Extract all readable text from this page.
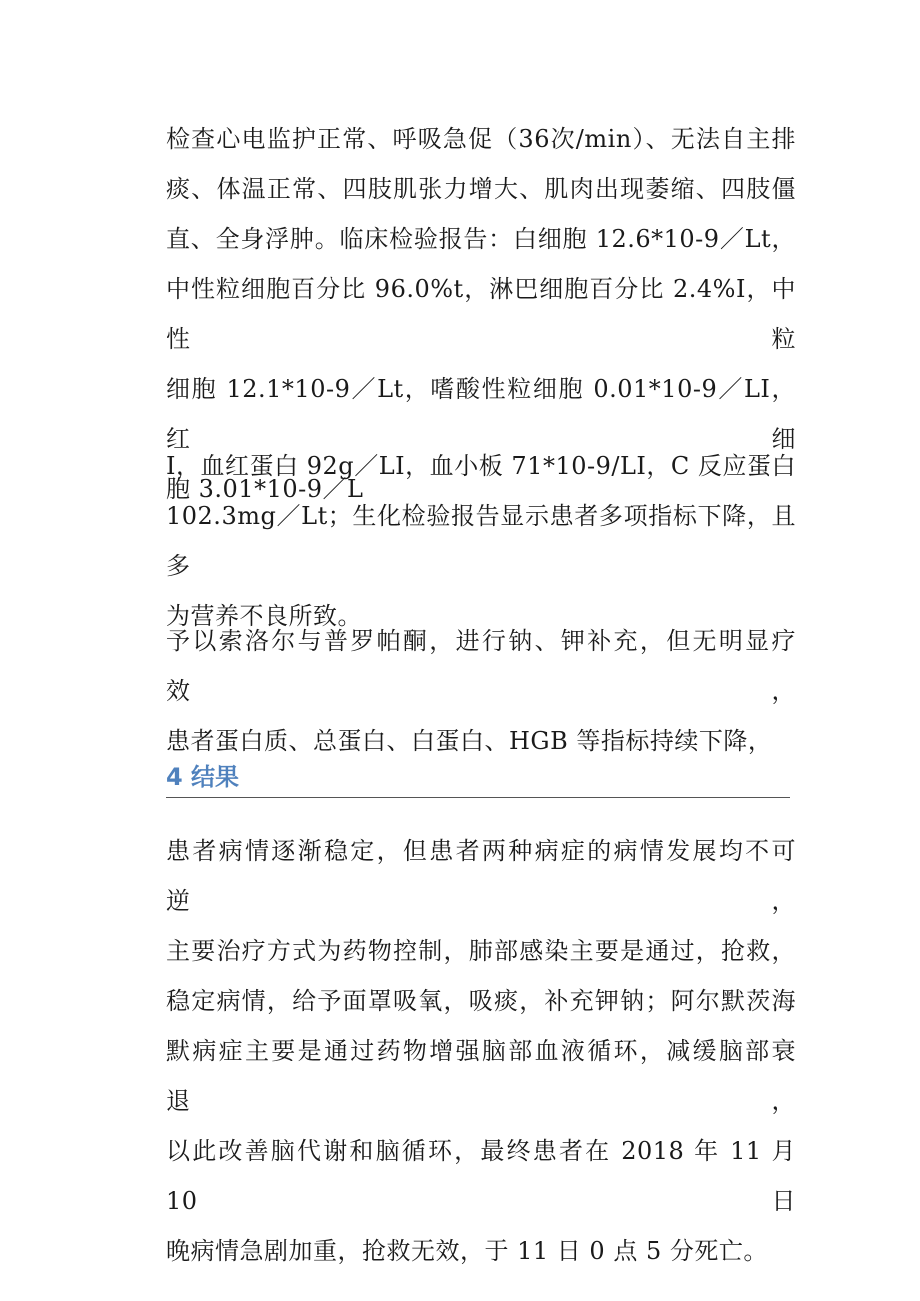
检查心电监护正常、呼吸急促（36次/min）、无法自主排
痰、体温正常、四肢肌张力增大、肌肉出现萎缩、四肢僵
直、全身浮肿。临床检验报告：白细胞 12.6*10-9／Lt，
中性粒细胞百分比 96.0%t，淋巴细胞百分比 2.4%I，中性粒
细胞 12.1*10-9／Lt，嗜酸性粒细胞 0.01*10-9／LI，红细
胞 3.01*10-9／L

I，血红蛋白 92g／LI，血小板 71*10-9/LI，C 反应蛋白
102.3mg／Lt；生化检验报告显示患者多项指标下降，且多
为营养不良所致。

予以索洛尔与普罗帕酮，进行钠、钾补充，但无明显疗效，
患者蛋白质、总蛋白、白蛋白、HGB 等指标持续下降，

4 结果

患者病情逐渐稳定，但患者两种病症的病情发展均不可逆，
主要治疗方式为药物控制，肺部感染主要是通过，抢救，
稳定病情，给予面罩吸氧，吸痰，补充钾钠；阿尔默茨海
默病症主要是通过药物增强脑部血液循环，减缓脑部衰退，
以此改善脑代谢和脑循环，最终患者在 2018 年 11 月 10 日
晚病情急剧加重，抢救无效，于 11 日 0 点 5 分死亡。
